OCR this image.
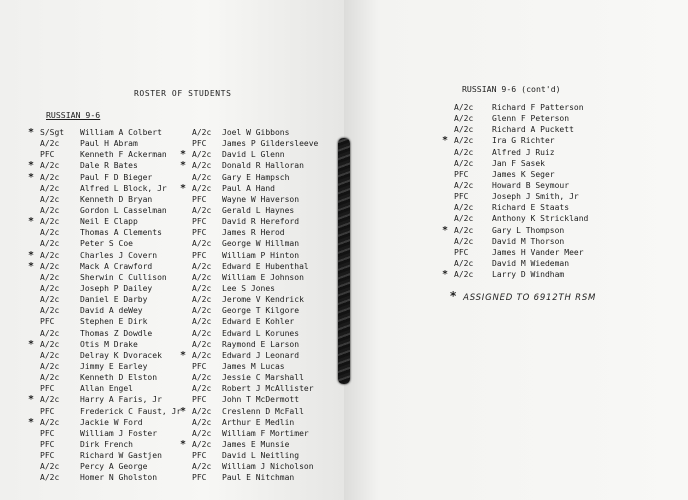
ROSTER OF STUDENTS
RUSSIAN 9-6
* S/Sgt William A Colbert
A/2c	Paul H Abram
PFC	Kenneth F Ackerman
* A/2c	Dale R Bates
* A/2c	Paul F D Bieger
A/2c	Alfred L Block, Jr
A/2c	Kenneth D Bryan
A/2c	Gordon L Casselman
* A/2c	Neil E Clapp
A/2c	Thomas A Clements
A/2c	Peter S Coe
* A/2c	Charles J Covern
* A/2c	Mack A Crawford
A/2c	Sherwin C Cullison
A/2c	Joseph P Dailey
A/2c	Daniel E Darby
A/2c	David A deWey
PFC	Stephen E Dirk
A/2c	Thomas Z Dowdle
* A/2c	Otis M Drake
A/2c	Delray K Dvoracek
A/2c	Jimmy E Earley
A/2c	Kenneth D Elston
PFC	Allan Engel
* A/2c	Harry A Faris, Jr
PFC	Frederick C Faust, Jr
* A/2c	Jackie W Ford
PFC	William J Foster
PFC	Dirk French
PFC	Richard W Gastjen
A/2c	Percy A George
A/2c	Homer N Gholston
A/2c Joel W Gibbons
PFC James P Gildersleeve
* A/2c David L Glenn
* A/2c Donald R Halloran
A/2c Gary E Hampsch
* A/2c Paul A Hand
PFC Wayne W Haverson
A/2c Gerald L Haynes
PFC David R Hereford
PFC James R Herod
A/2c George W Hillman
PFC William P Hinton
A/2c Edward E Hubenthal
A/2c William E Johnson
A/2c Lee S Jones
A/2c Jerome V Kendrick
A/2c George T Kilgore
A/2c Edward E Kohler
A/2c Edward L Korunes
A/2c Raymond E Larson
* A/2c Edward J Leonard
PFC James M Lucas
A/2c Jessie C Marshall
A/2c Robert J McAllister
PFC John T McDermott
* A/2c Creslenn D McFall
A/2c Arthur E Medlin
A/2c William F Mortimer
* A/2c James E Munsie
PFC David L Neitling
A/2c William J Nicholson
PFC Paul E Nitchman
RUSSIAN 9-6 (cont'd)
A/2c Richard F Patterson
A/2c Glenn F Peterson
A/2c Richard A Puckett
* A/2c Ira G Richter
A/2c Alfred J Ruiz
A/2c Jan F Sasek
PFC	James K Seger
A/2c Howard B Seymour
PFC	Joseph J Smith, Jr
A/2c Richard E Staats
A/2c Anthony K Strickland
* A/2c Gary L Thompson
A/2c David M Thorson
PFC	James H Vander Meer
A/2c David M Wiedeman
* A/2c Larry D Windham
* ASSIGNED TO 6912TH RSM
